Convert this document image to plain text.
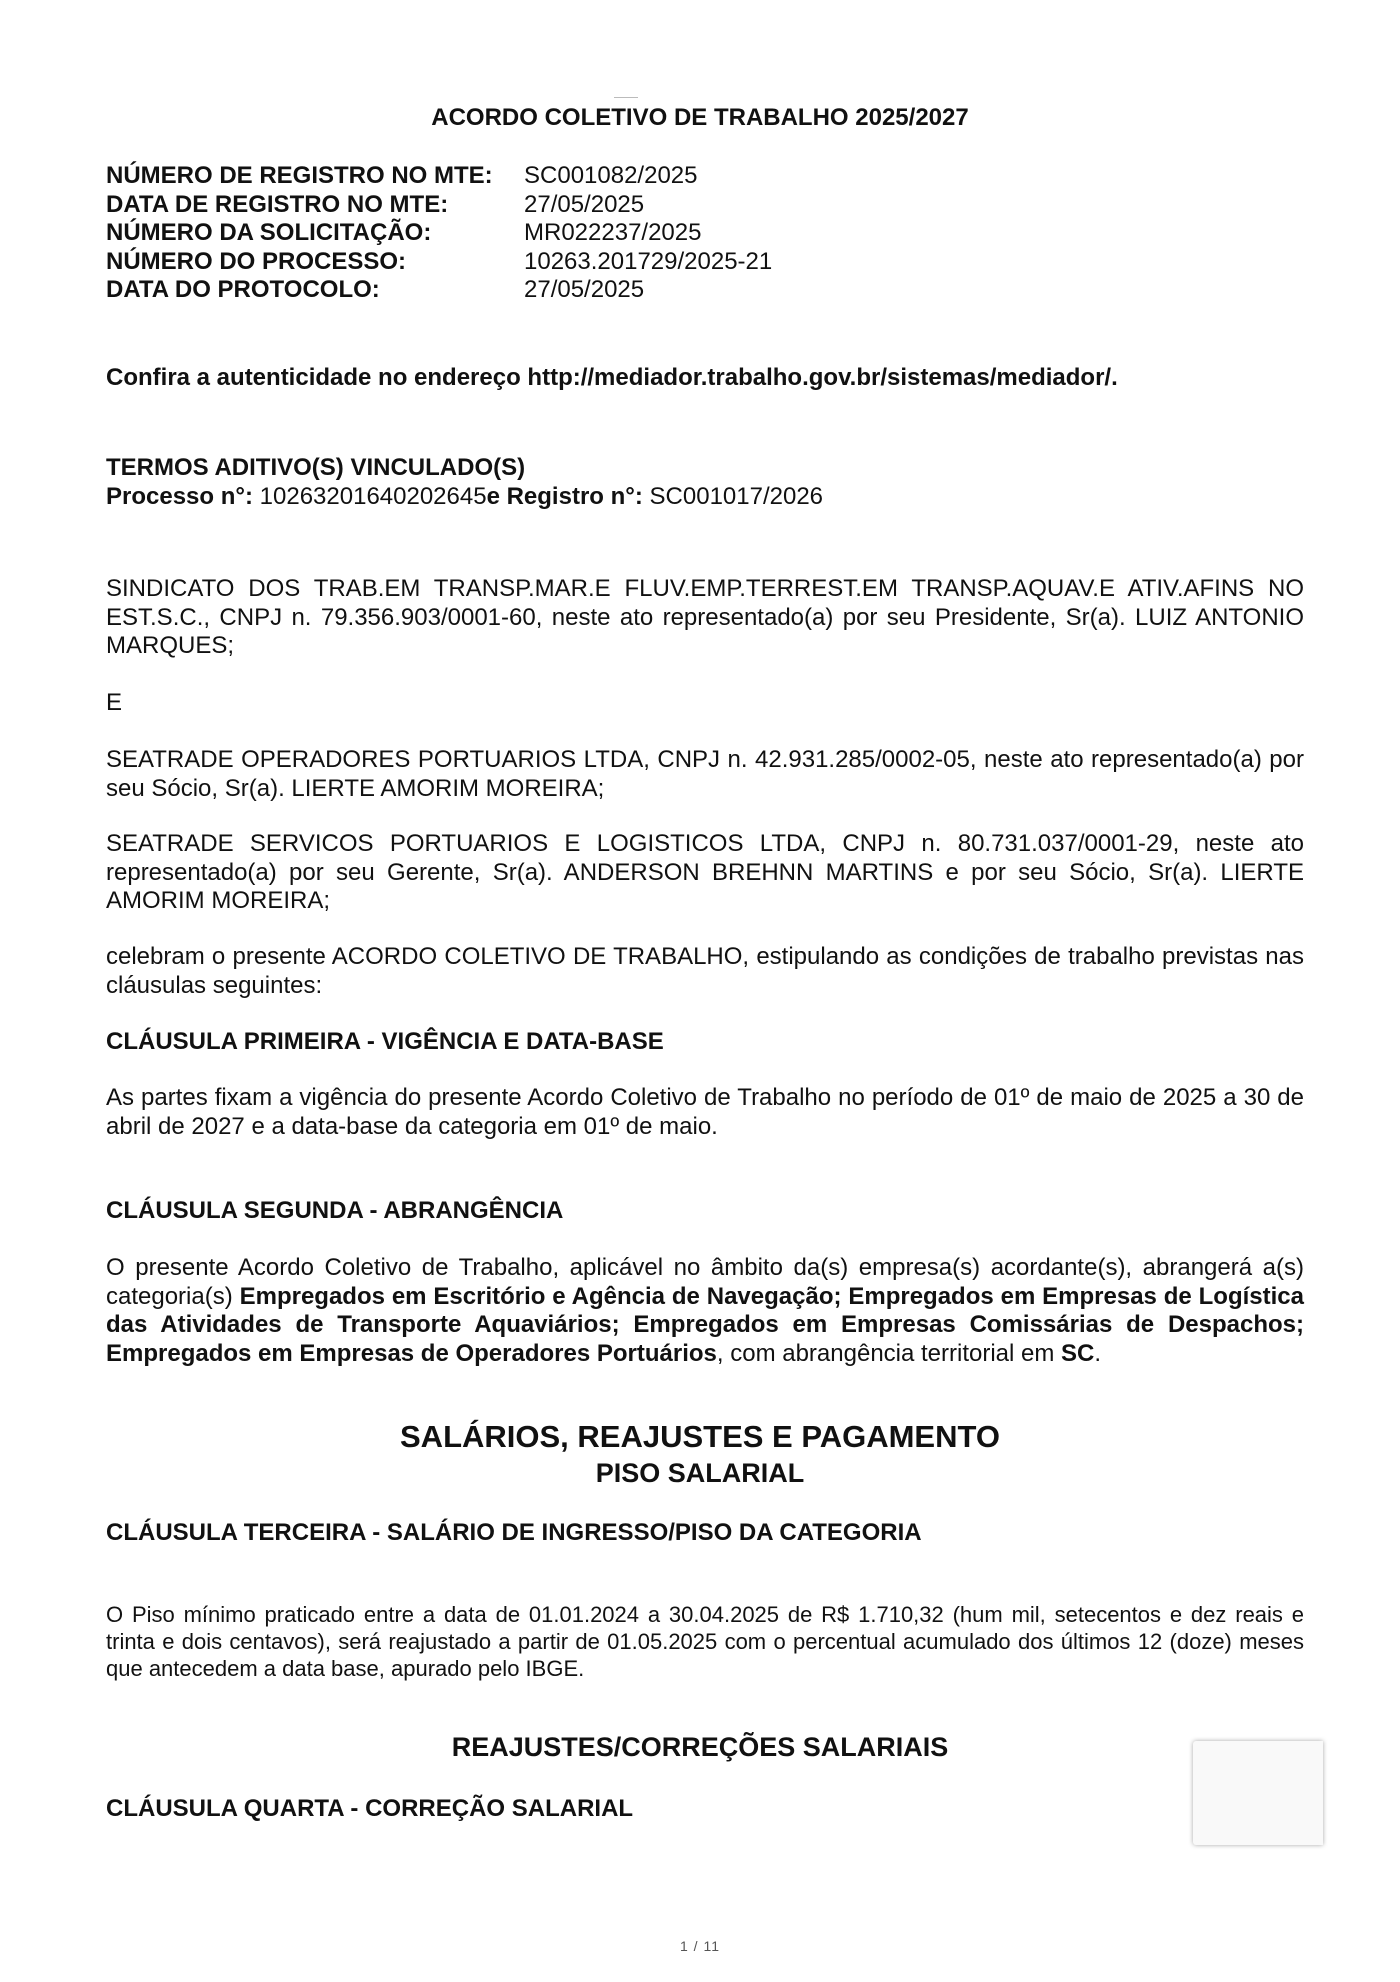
ACORDO COLETIVO DE TRABALHO 2025/2027
NÚMERO DE REGISTRO NO MTE:	SC001082/2025
DATA DE REGISTRO NO MTE:	27/05/2025
NÚMERO DA SOLICITAÇÃO:	MR022237/2025
NÚMERO DO PROCESSO:	10263.201729/2025-21
DATA DO PROTOCOLO:	27/05/2025
Confira a autenticidade no endereço http://mediador.trabalho.gov.br/sistemas/mediador/.
TERMOS ADITIVO(S) VINCULADO(S)
Processo n°: 10263201640202645e Registro n°: SC001017/2026
SINDICATO DOS TRAB.EM TRANSP.MAR.E FLUV.EMP.TERREST.EM TRANSP.AQUAV.E ATIV.AFINS NO EST.S.C., CNPJ n. 79.356.903/0001-60, neste ato representado(a) por seu Presidente, Sr(a). LUIZ ANTONIO MARQUES;
E
SEATRADE OPERADORES PORTUARIOS LTDA, CNPJ n. 42.931.285/0002-05, neste ato representado(a) por seu Sócio, Sr(a). LIERTE AMORIM MOREIRA;
SEATRADE SERVICOS PORTUARIOS E LOGISTICOS LTDA, CNPJ n. 80.731.037/0001-29, neste ato representado(a) por seu Gerente, Sr(a). ANDERSON BREHNN MARTINS e por seu Sócio, Sr(a). LIERTE AMORIM MOREIRA;
celebram o presente ACORDO COLETIVO DE TRABALHO, estipulando as condições de trabalho previstas nas cláusulas seguintes:
CLÁUSULA PRIMEIRA - VIGÊNCIA E DATA-BASE
As partes fixam a vigência do presente Acordo Coletivo de Trabalho no período de 01º de maio de 2025 a 30 de abril de 2027 e a data-base da categoria em 01º de maio.
CLÁUSULA SEGUNDA - ABRANGÊNCIA
O presente Acordo Coletivo de Trabalho, aplicável no âmbito da(s) empresa(s) acordante(s), abrangerá a(s) categoria(s) Empregados em Escritório e Agência de Navegação; Empregados em Empresas de Logística das Atividades de Transporte Aquaviários; Empregados em Empresas Comissárias de Despachos; Empregados em Empresas de Operadores Portuários, com abrangência territorial em SC.
SALÁRIOS, REAJUSTES E PAGAMENTO
PISO SALARIAL
CLÁUSULA TERCEIRA - SALÁRIO DE INGRESSO/PISO DA CATEGORIA
O Piso mínimo praticado entre a data de 01.01.2024 a 30.04.2025 de R$ 1.710,32 (hum mil, setecentos e dez reais e trinta e dois centavos), será reajustado a partir de 01.05.2025 com o percentual acumulado dos últimos 12 (doze) meses que antecedem a data base, apurado pelo IBGE.
REAJUSTES/CORREÇÕES SALARIAIS
CLÁUSULA QUARTA - CORREÇÃO SALARIAL
1 / 11
